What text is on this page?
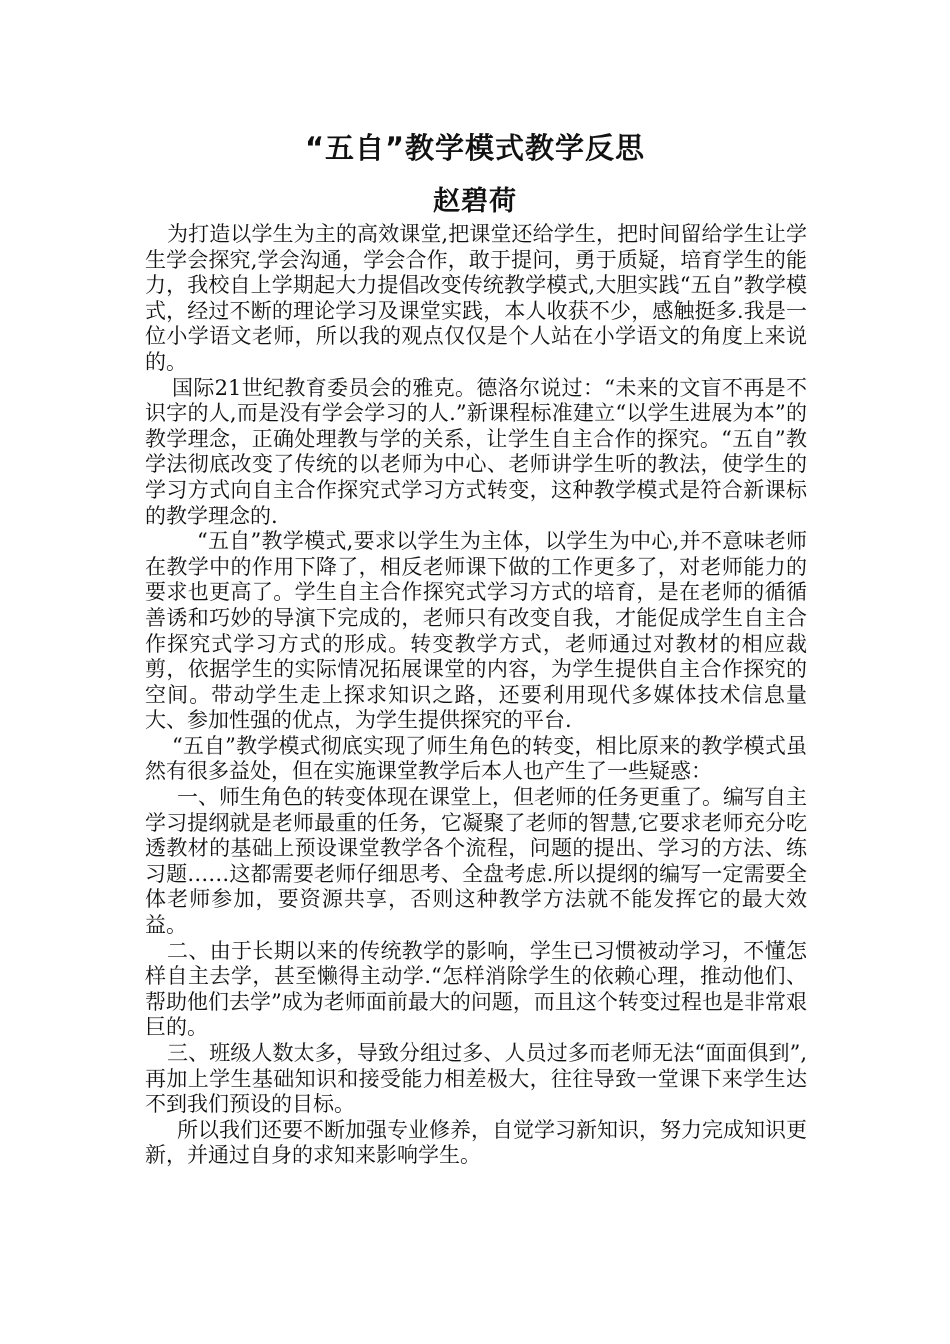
“五自”教学模式教学反思
赵碧荷

为打造以学生为主的高效课堂,把课堂还给学生，把时间留给学生让学生学会探究,学会沟通，学会合作，敢于提问，勇于质疑，培育学生的能力，我校自上学期起大力提倡改变传统教学模式,大胆实践“五自”教学模式，经过不断的理论学习及课堂实践，本人收获不少，感触挺多.我是一位小学语文老师，所以我的观点仅仅是个人站在小学语文的角度上来说的。

国际21世纪教育委员会的雅克。德洛尔说过：“未来的文盲不再是不识字的人,而是没有学会学习的人.”新课程标准建立“以学生进展为本”的教学理念，正确处理教与学的关系，让学生自主合作的探究。“五自”教学法彻底改变了传统的以老师为中心、老师讲学生听的教法，使学生的学习方式向自主合作探究式学习方式转变，这种教学模式是符合新课标的教学理念的.

“五自”教学模式,要求以学生为主体，以学生为中心,并不意味老师在教学中的作用下降了，相反老师课下做的工作更多了，对老师能力的要求也更高了。学生自主合作探究式学习方式的培育，是在老师的循循善诱和巧妙的导演下完成的，老师只有改变自我，才能促成学生自主合作探究式学习方式的形成。转变教学方式，老师通过对教材的相应裁剪，依据学生的实际情况拓展课堂的内容，为学生提供自主合作探究的空间。带动学生走上探求知识之路，还要利用现代多媒体技术信息量大、参加性强的优点，为学生提供探究的平台.

“五自”教学模式彻底实现了师生角色的转变，相比原来的教学模式虽然有很多益处，但在实施课堂教学后本人也产生了一些疑惑：

一、师生角色的转变体现在课堂上，但老师的任务更重了。编写自主学习提纲就是老师最重的任务，它凝聚了老师的智慧,它要求老师充分吃透教材的基础上预设课堂教学各个流程，问题的提出、学习的方法、练习题……这都需要老师仔细思考、全盘考虑.所以提纲的编写一定需要全体老师参加，要资源共享，否则这种教学方法就不能发挥它的最大效益。

二、由于长期以来的传统教学的影响，学生已习惯被动学习，不懂怎样自主去学，甚至懒得主动学.“怎样消除学生的依赖心理，推动他们、帮助他们去学”成为老师面前最大的问题，而且这个转变过程也是非常艰巨的。

三、班级人数太多，导致分组过多、人员过多而老师无法“面面俱到”,再加上学生基础知识和接受能力相差极大，往往导致一堂课下来学生达不到我们预设的目标。

所以我们还要不断加强专业修养，自觉学习新知识，努力完成知识更新，并通过自身的求知来影响学生。
